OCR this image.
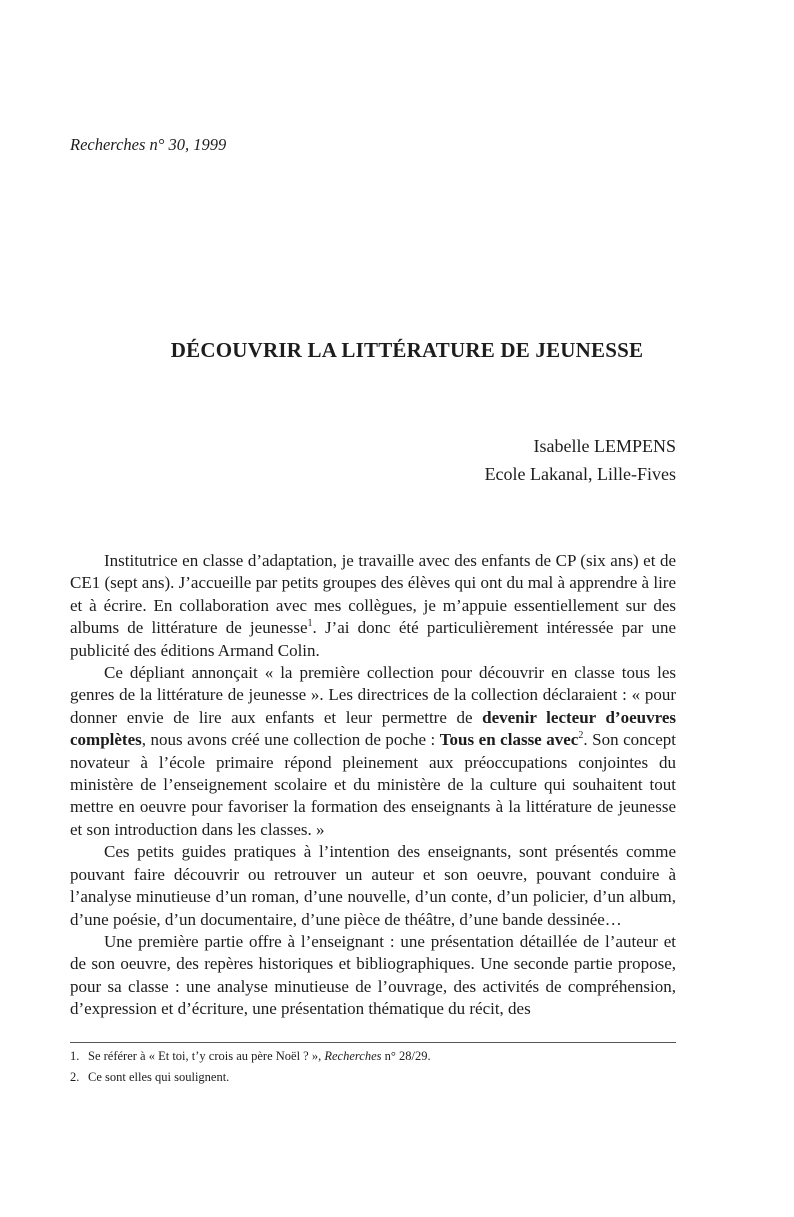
Recherches n° 30, 1999
DÉCOUVRIR LA LITTÉRATURE DE JEUNESSE
Isabelle LEMPENS
Ecole Lakanal, Lille-Fives

Institutrice en classe d’adaptation, je travaille avec des enfants de CP (six ans) et de CE1 (sept ans). J’accueille par petits groupes des élèves qui ont du mal à apprendre à lire et à écrire. En collaboration avec mes collègues, je m’appuie essentiellement sur des albums de littérature de jeunesse$^1$. J’ai donc été particulièrement intéressée par une publicité des éditions Armand Colin.

Ce dépliant annonçait « la première collection pour découvrir en classe tous les genres de la littérature de jeunesse ». Les directrices de la collection déclaraient : « pour donner envie de lire aux enfants et leur permettre de devenir lecteur d’oeuvres complètes, nous avons créé une collection de poche : Tous en classe avec$^2$. Son concept novateur à l’école primaire répond pleinement aux préoccupations conjointes du ministère de l’enseignement scolaire et du ministère de la culture qui souhaitent tout mettre en oeuvre pour favoriser la formation des enseignants à la littérature de jeunesse et son introduction dans les classes. »

Ces petits guides pratiques à l’intention des enseignants, sont présentés comme pouvant faire découvrir ou retrouver un auteur et son oeuvre, pouvant conduire à l’analyse minutieuse d’un roman, d’une nouvelle, d’un conte, d’un policier, d’un album, d’une poésie, d’un documentaire, d’une pièce de théâtre, d’une bande dessinée…

Une première partie offre à l’enseignant : une présentation détaillée de l’auteur et de son oeuvre, des repères historiques et bibliographiques. Une seconde partie propose, pour sa classe : une analyse minutieuse de l’ouvrage, des activités de compréhension, d’expression et d’écriture, une présentation thématique du récit, des

1. Se référer à « Et toi, t’y crois au père Noël ? », Recherches n° 28/29.
2. Ce sont elles qui soulignent.
